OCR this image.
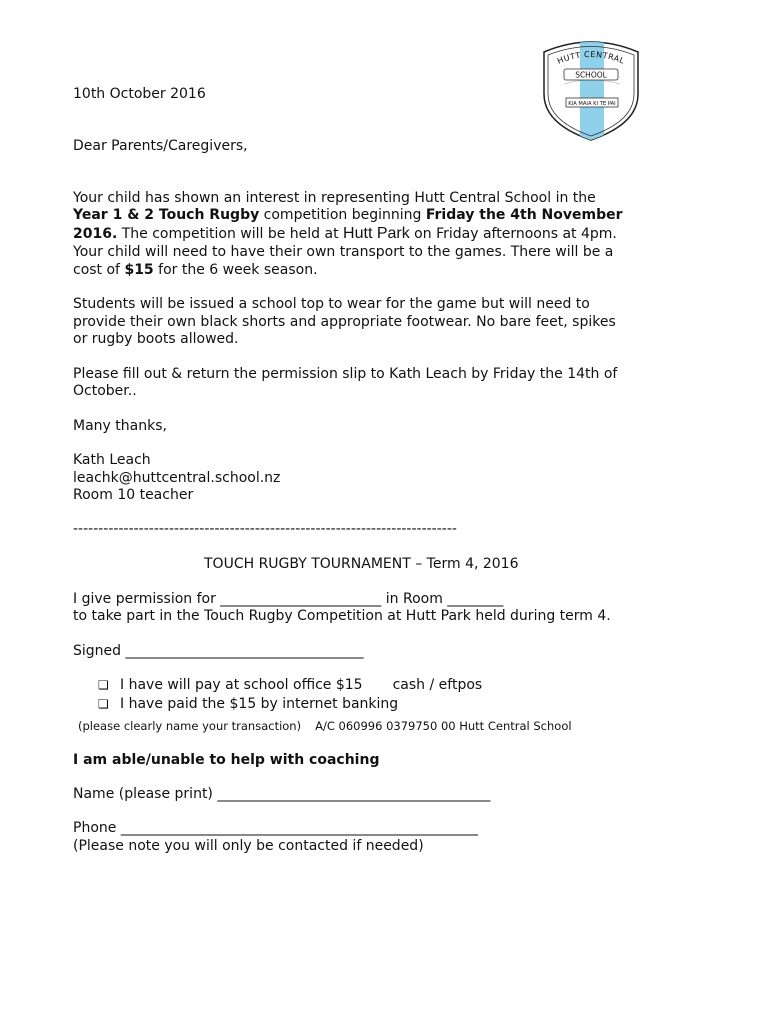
HUTT CENTRAL
SCHOOL
KIA MAIA KI TE PAI
10th October 2016
Dear Parents/Caregivers,
Your child has shown an interest in representing Hutt Central School in the
Year 1 & 2 Touch Rugby competition beginning Friday the 4th November
2016. The competition will be held at Hutt Park on Friday afternoons at 4pm.
Your child will need to have their own transport to the games. There will be a
cost of $15 for the 6 week season.
Students will be issued a school top to wear for the game but will need to
provide their own black shorts and appropriate footwear. No bare feet, spikes
or rugby boots allowed.
Please fill out & return the permission slip to Kath Leach by Friday the 14th of
October..
Many thanks,
Kath Leach
leachk@huttcentral.school.nz
Room 10 teacher
----------------------------------------------------------------------------
TOUCH RUGBY TOURNAMENT – Term 4, 2016
I give permission for _______________________ in Room ________
to take part in the Touch Rugby Competition at Hutt Park held during term 4.
Signed __________________________________
❏ I have will pay at school office $15 cash / eftpos
❏ I have paid the $15 by internet banking
(please clearly name your transaction) A/C 060996 0379750 00 Hutt Central School
I am able/unable to help with coaching
Name (please print) _______________________________________
Phone ___________________________________________________
(Please note you will only be contacted if needed)
